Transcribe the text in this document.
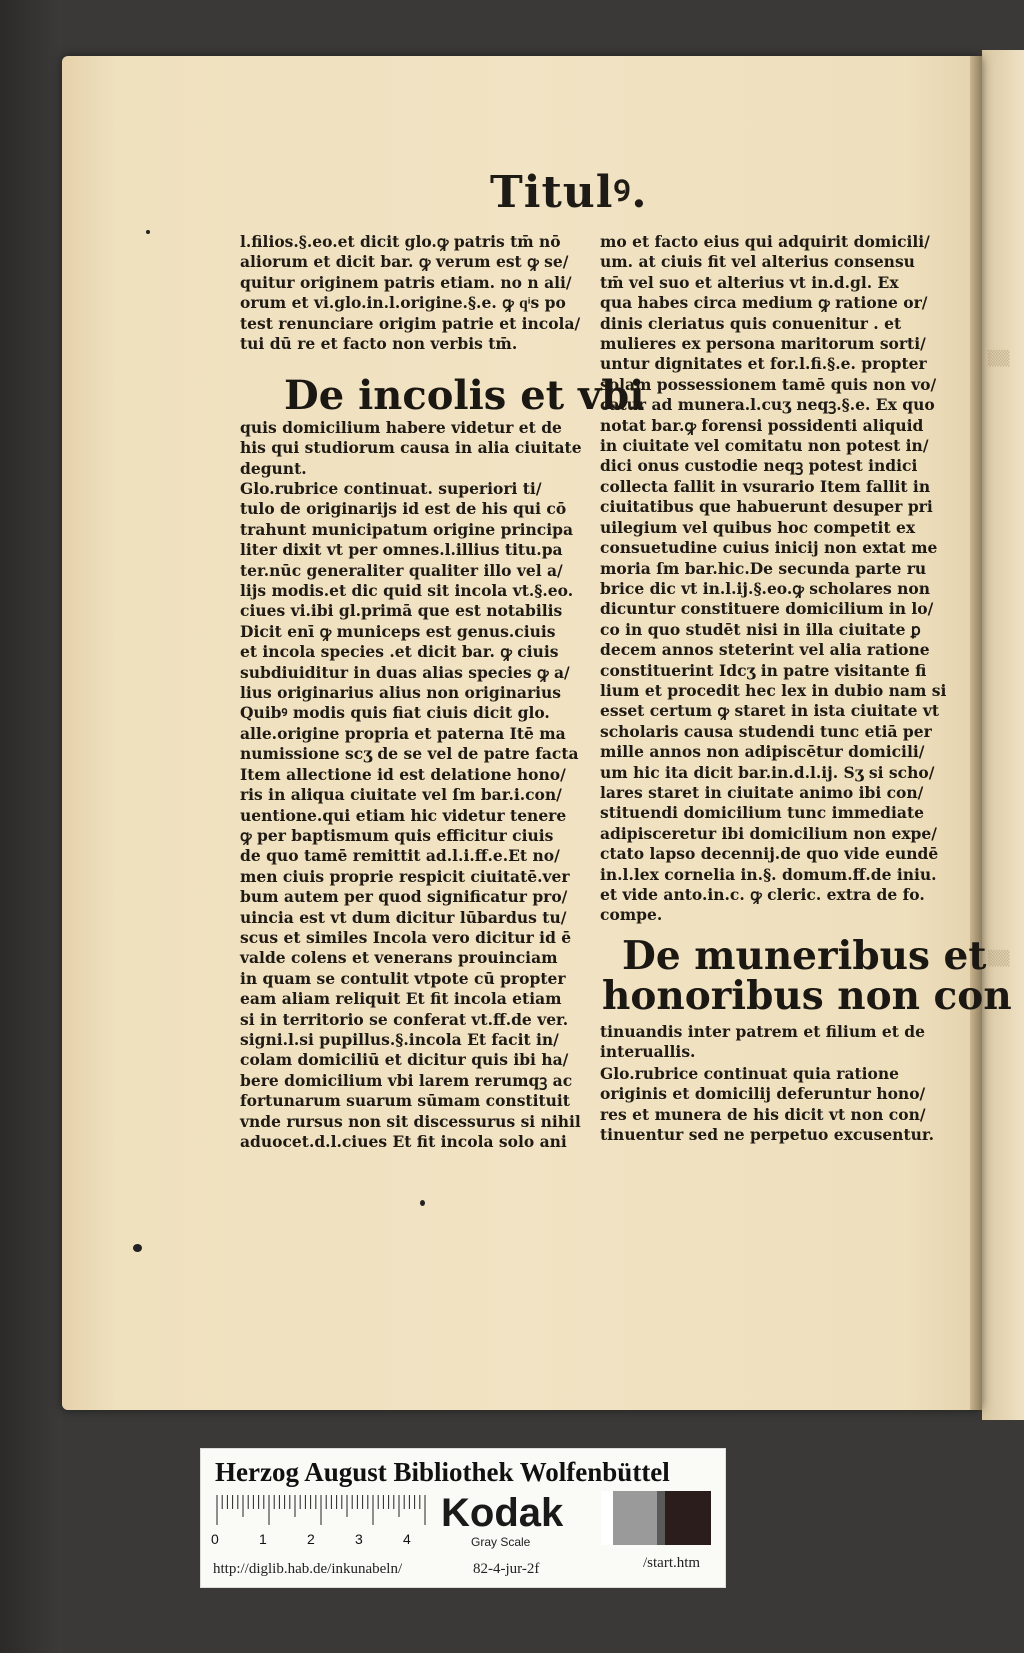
▒▒
▒▒
Titulꝰ.

l.filios.§.eo.et dicit glo.ꝙ patris tm̄ nō

aliorum et dicit bar. ꝙ verum est ꝙ se/

quitur originem patris etiam. no n ali/

orum et vi.glo.in.l.origine.§.e. ꝙ qͥs po

test renunciare origim patrie et incola/

tui dū re et facto non verbis tm̄.

De incolis et vbi

quis domicilium habere videtur et de

his qui studiorum causa in alia ciuitate

degunt.

Glo.rubrice continuat. superiori ti/

tulo de originarijs id est de his qui cō

trahunt municipatum origine principa

liter dixit vt per omnes.l.illius titu.pa

ter.nūc generaliter qualiter illo vel a/

lijs modis.et dic quid sit incola vt.§.eo.

ciues vi.ibi gl.primā que est notabilis

Dicit enī ꝙ municeps est genus.ciuis

et incola species .et dicit bar. ꝙ ciuis

subdiuiditur in duas alias species ꝙ a/

lius originarius alius non originarius

Quibꝰ modis quis fiat ciuis dicit glo.

alle.origine propria et paterna Itē ma

numissione scʒ de se vel de patre facta

Item allectione id est delatione hono/

ris in aliqua ciuitate vel ſm bar.i.con/

uentione.qui etiam hic videtur tenere

ꝙ per baptismum quis efficitur ciuis

de quo tamē remittit ad.l.i.ff.e.Et no/

men ciuis proprie respicit ciuitatē.ver

bum autem per quod significatur pro/

uincia est vt dum dicitur lūbardus tu/

scus et similes Incola vero dicitur id ē

valde colens et venerans prouinciam

in quam se contulit vtpote cū propter

eam aliam reliquit Et fit incola etiam

si in territorio se conferat vt.ff.de ver.

signi.l.si pupillus.§.incola Et facit in/

colam domiciliū et dicitur quis ibi ha/

bere domicilium vbi larem rerumqꝫ ac

fortunarum suarum sūmam constituit

vnde rursus non sit discessurus si nihil

aduocet.d.l.ciues Et fit incola solo ani

mo et facto eius qui adquirit domicili/

um. at ciuis fit vel alterius consensu

tm̄ vel suo et alterius vt in.d.gl. Ex

qua habes circa medium ꝙ ratione or/

dinis cleriatus quis conuenitur . et

mulieres ex persona maritorum sorti/

untur dignitates et for.l.fi.§.e. propter

solam possessionem tamē quis non vo/

catur ad munera.l.cuʒ neqꝫ.§.e. Ex quo

notat bar.ꝙ forensi possidenti aliquid

in ciuitate vel comitatu non potest in/

dici onus custodie neqꝫ potest indici

collecta fallit in vsurario Item fallit in

ciuitatibus que habuerunt desuper pri

uilegium vel quibus hoc competit ex

consuetudine cuius inicij non extat me

moria ſm bar.hic.De secunda parte ru

brice dic vt in.l.ij.§.eo.ꝙ scholares non

dicuntur constituere domicilium in lo/

co in quo studēt nisi in illa ciuitate ꝑ

decem annos steterint vel alia ratione

constituerint Idcʒ in patre visitante fi

lium et procedit hec lex in dubio nam si

esset certum ꝙ staret in ista ciuitate vt

scholaris causa studendi tunc etiā per

mille annos non adipiscētur domicili/

um hic ita dicit bar.in.d.l.ij. Sʒ si scho/

lares staret in ciuitate animo ibi con/

stituendi domicilium tunc immediate

adipisceretur ibi domicilium non expe/

ctato lapso decennij.de quo vide eundē

in.l.lex cornelia in.§. domum.ff.de iniu.

et vide anto.in.c. ꝙ cleric. extra de fo.

compe.

De muneribus et
honoribus non con

tinuandis inter patrem et filium et de

interuallis.

Glo.rubrice continuat quia ratione

originis et domicilij deferuntur hono/

res et munera de his dicit vt non con/

tinuentur sed ne perpetuo excusentur.

Herzog August Bibliothek Wolfenbüttel
0	1	2	3	4
Kodak
Gray Scale
http://diglib.hab.de/inkunabeln/	82-4-jur-2f	/start.htm
